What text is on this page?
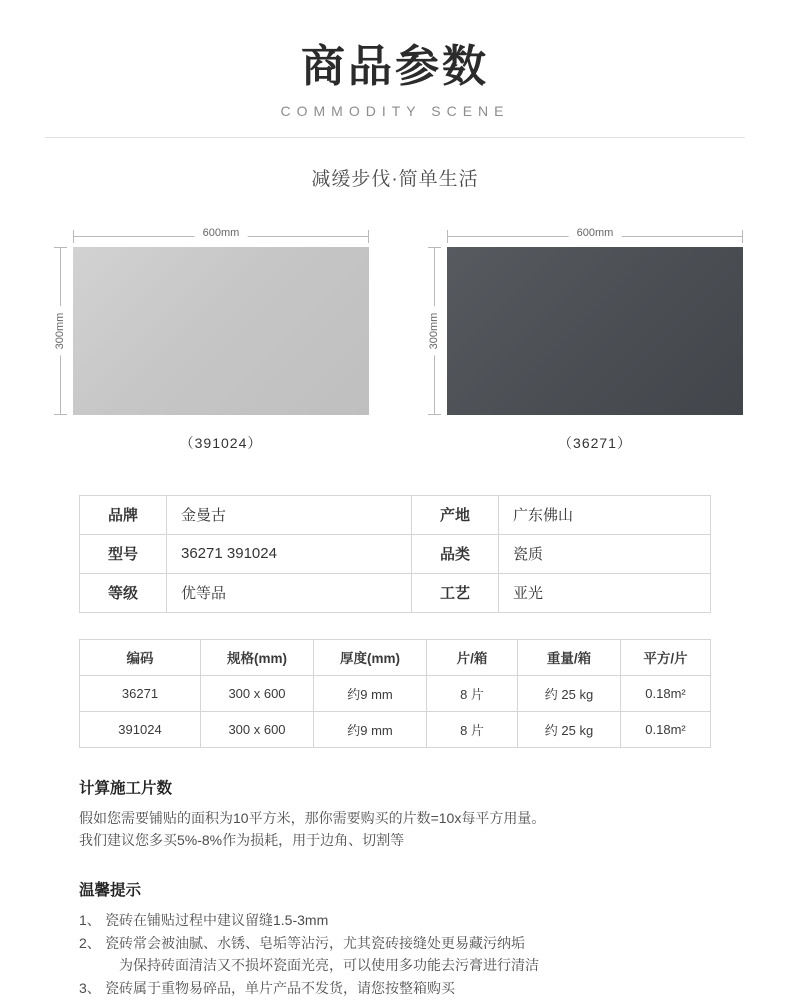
商品参数
COMMODITY SCENE
减缓步伐·简单生活
600mm
300mm
（391024）
600mm
300mm
（36271）
品牌	金曼古	产地	广东佛山
型号	36271 391024	品类	瓷质
等级	优等品	工艺	亚光
编码	规格(mm)	厚度(mm)	片/箱	重量/箱	平方/片
36271	300 x 600	约9 mm	8 片	约 25 kg	0.18m²
391024	300 x 600	约9 mm	8 片	约 25 kg	0.18m²
计算施工片数
假如您需要铺贴的面积为10平方米，那你需要购买的片数=10x每平方用量。
我们建议您多买5%-8%作为损耗，用于边角、切割等
温馨提示
1、 瓷砖在铺贴过程中建议留缝1.5-3mm
2、 瓷砖常会被油腻、水锈、皂垢等沾污，尤其瓷砖接缝处更易藏污纳垢
为保持砖面清洁又不损坏瓷面光亮，可以使用多功能去污膏进行清洁
3、 瓷砖属于重物易碎品，单片产品不发货，请您按整箱购买
